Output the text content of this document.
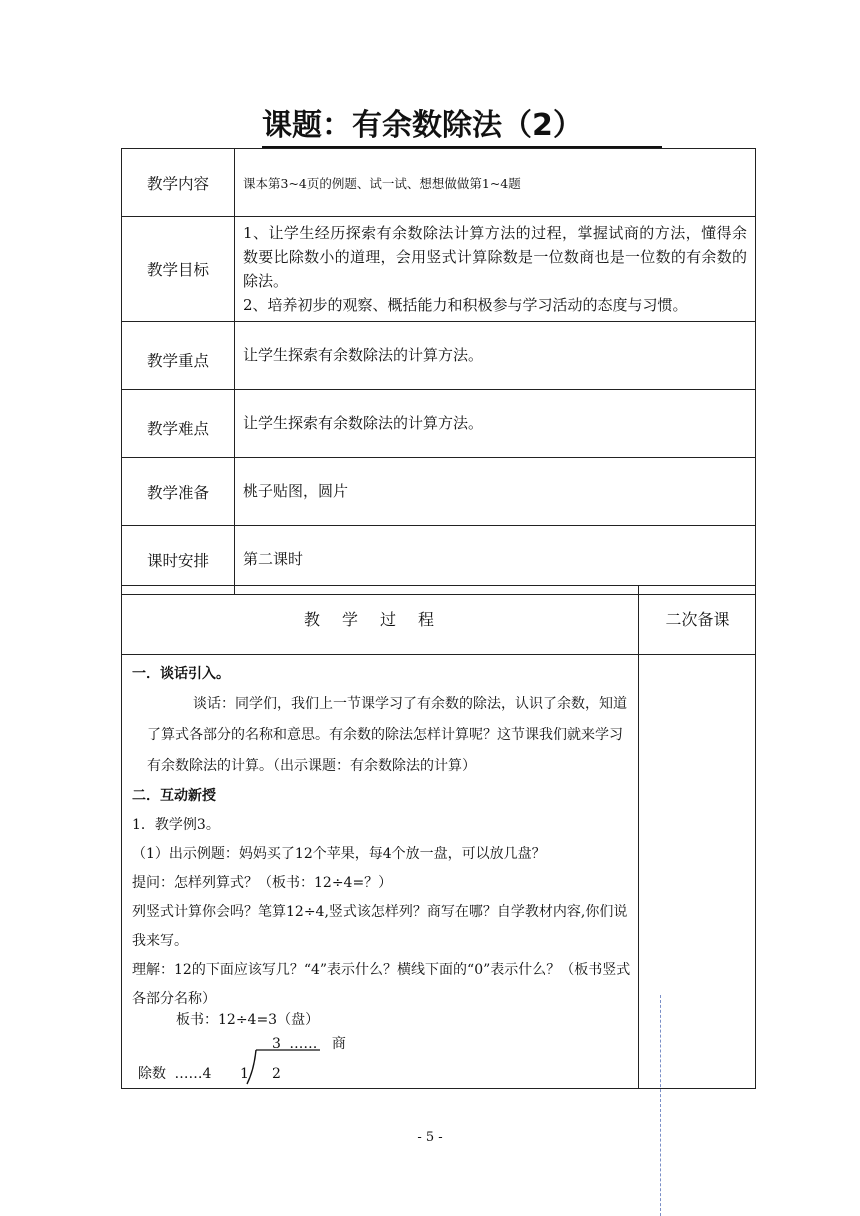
课题：有余数除法（2）
教学内容	课本第3~4页的例题、试一试、想想做做第1~4题
教学目标	1、让学生经历探索有余数除法计算方法的过程，掌握试商的方法，懂得余数要比除数小的道理，会用竖式计算除数是一位数商也是一位数的有余数的除法。
2、培养初步的观察、概括能力和积极参与学习活动的态度与习惯。

教学重点	让学生探索有余数除法的计算方法。
教学难点	让学生探索有余数除法的计算方法。
教学准备	桃子贴图，圆片
课时安排	第二课时
教学过程	二次备课

一．谈话引入。

谈话：同学们，我们上一节课学习了有余数的除法，认识了余数，知道了算式各部分的名称和意思。有余数的除法怎样计算呢？这节课我们就来学习有余数除法的计算。（出示课题：有余数除法的计算）

二．互动新授

1．教学例3。

（1）出示例题：妈妈买了12个苹果，每4个放一盘，可以放几盘？

提问：怎样列算式？（板书：12÷4=？）

列竖式计算你会吗？笔算12÷4,竖式该怎样列？商写在哪？自学教材内容,你们说我来写。

理解：12的下面应该写几？“4”表示什么？横线下面的“0”表示什么？（板书竖式各部分名称）

板书：12÷4=3（盘）
3 …… 商
除数 ……4 1 2
- 5 -
